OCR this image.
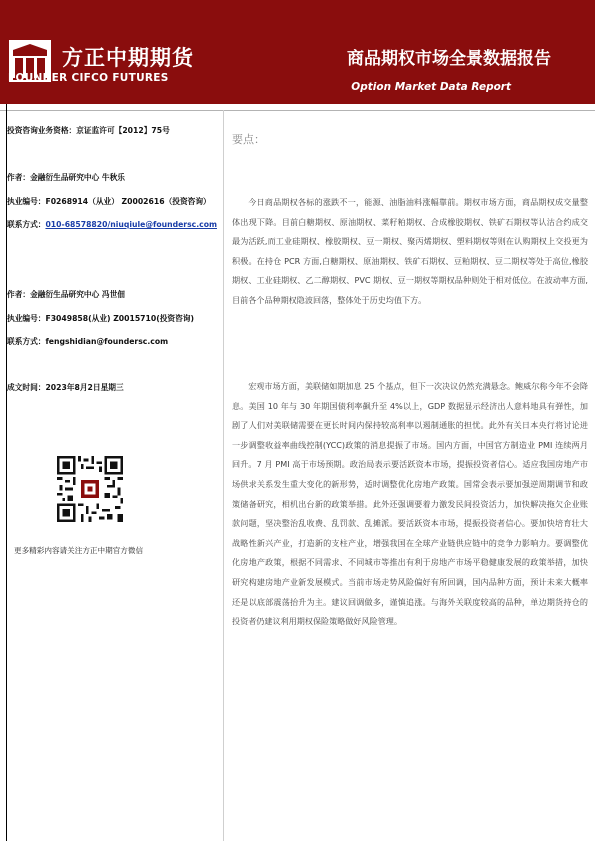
方正中期期货
FOUNDER CIFCO FUTURES
商品期权市场全景数据报告
Option Market Data Report
投资咨询业务资格：京证监许可【2012】75号
作者：金融衍生品研究中心 牛秋乐
执业编号：F0268914（从业） Z0002616（投资咨询）
联系方式：010-68578820/niuqiule@foundersc.com
作者：金融衍生品研究中心 冯世佃
执业编号：F3049858(从业) Z0015710(投资咨询)
联系方式：fengshidian@foundersc.com
成文时间：2023年8月2日星期三
更多精彩内容请关注方正中期官方微信
要点：

今日商品期权各标的涨跌不一，能源、油脂油料涨幅靠前。期权市场方面，商品期权成交量整体出现下降。目前白糖期权、原油期权、菜籽粕期权、合成橡胶期权、铁矿石期权等认沽合约成交最为活跃,而工业硅期权、橡胶期权、豆一期权、聚丙烯期权、塑料期权等则在认购期权上交投更为积极。在持仓 PCR 方面,白糖期权、原油期权、铁矿石期权、豆粕期权、豆二期权等处于高位,橡胶期权、工业硅期权、乙二醇期权、PVC 期权、豆一期权等期权品种则处于相对低位。在波动率方面,目前各个品种期权隐波回落，整体处于历史均值下方。

宏观市场方面，美联储如期加息 25 个基点，但下一次决议仍然充满悬念。鲍威尔称今年不会降息。美国 10 年与 30 年期国债利率飙升至 4%以上，GDP 数据显示经济出人意料地具有弹性，加剧了人们对美联储需要在更长时间内保持较高利率以遏制通胀的担忧。此外有关日本央行将讨论进一步调整收益率曲线控制(YCC)政策的消息提振了市场。国内方面，中国官方制造业 PMI 连续两月回升。7 月 PMI 高于市场预期。政治局表示要活跃资本市场，提振投资者信心。适应我国房地产市场供求关系发生重大变化的新形势，适时调整优化房地产政策。国常会表示要加强逆周期调节和政策储备研究，相机出台新的政策举措。此外还强调要着力激发民间投资活力，加快解决拖欠企业账款问题，坚决整治乱收费、乱罚款、乱摊派。要活跃资本市场，提振投资者信心。要加快培育壮大战略性新兴产业，打造新的支柱产业，增强我国在全球产业链供应链中的竞争力影响力。要调整优化房地产政策，根据不同需求、不同城市等推出有利于房地产市场平稳健康发展的政策举措，加快研究构建房地产业新发展模式。当前市场走势风险偏好有所回调，国内品种方面，预计未来大概率还是以底部震荡抬升为主。建议回调做多，谨慎追涨。与海外关联度较高的品种，单边期货持仓的投资者仍建议利用期权保险策略做好风险管理。
